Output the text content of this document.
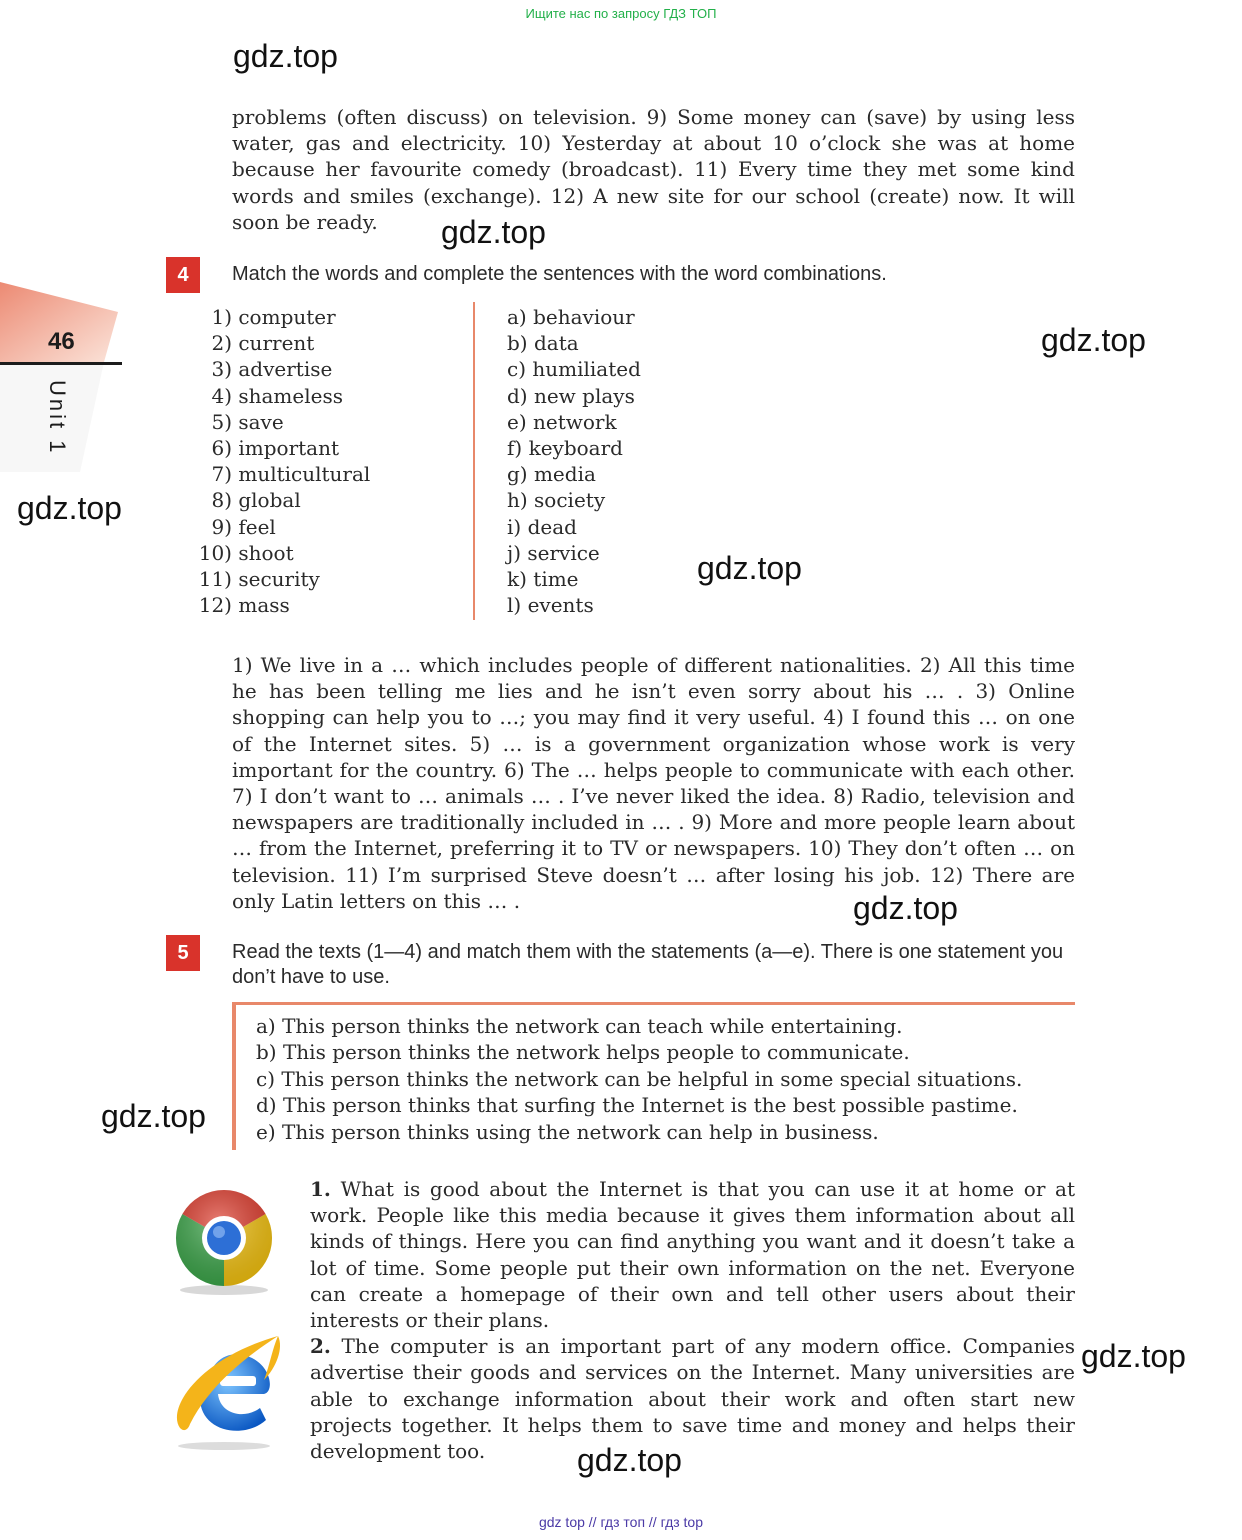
Ищите нас по запросу ГДЗ ТОП
46
Unit 1
gdz.top
gdz.top
gdz.top
gdz.top
gdz.top
gdz.top
gdz.top
gdz.top
gdz.top

problems (often discuss) on television. 9) Some money can (save) by using less water, gas and electricity. 10) Yesterday at about 10 o’clock she was at home because her favourite comedy (broadcast). 11) Every time they met some kind words and smiles (exchange). 12) A new site for our school (create) now. It will soon be ready.

4	Match the words and complete the sentences with the word combinations.
1) computer
2) current
3) advertise
4) shameless
5) save
6) important
7) multicultural
8) global
9) feel
10) shoot
11) security
12) mass
a) behaviour
b) data
c) humiliated
d) new plays
e) network
f) keyboard
g) media
h) society
i) dead
j) service
k) time
l) events

1) We live in a … which includes people of different nationalities. 2) All this time he has been telling me lies and he isn’t even sorry about his … . 3) Online shopping can help you to …; you may find it very useful. 4) I found this … on one of the Internet sites. 5) … is a government organization whose work is very important for the country. 6) The … helps people to communicate with each other. 7) I don’t want to … animals … . I’ve never liked the idea. 8) Radio, television and newspapers are traditionally included in … . 9) More and more people learn about … from the Internet, preferring it to TV or newspapers. 10) They don’t often … on television. 11) I’m surprised Steve doesn’t … after losing his job. 12) There are only Latin letters on this … .

5	Read the texts (1—4) and match them with the statements (a—e). There is one statement you don’t have to use.
a) This person thinks the network can teach while entertaining.
b) This person thinks the network helps people to communicate.
c) This person thinks the network can be helpful in some special situations.
d) This person thinks that surfing the Internet is the best possible pastime.
e) This person thinks using the network can help in business.

1. What is good about the Internet is that you can use it at home or at work. People like this media because it gives them information about all kinds of things. Here you can find anything you want and it doesn’t take a lot of time. Some people put their own information on the net. Everyone can create a homepage of their own and tell other users about their interests or their plans.

2. The computer is an important part of any modern office. Companies advertise their goods and services on the Internet. Many universities are able to exchange information about their work and often start new projects together. It helps them to save time and money and helps their development too.

gdz top // гдз топ // гдз top
